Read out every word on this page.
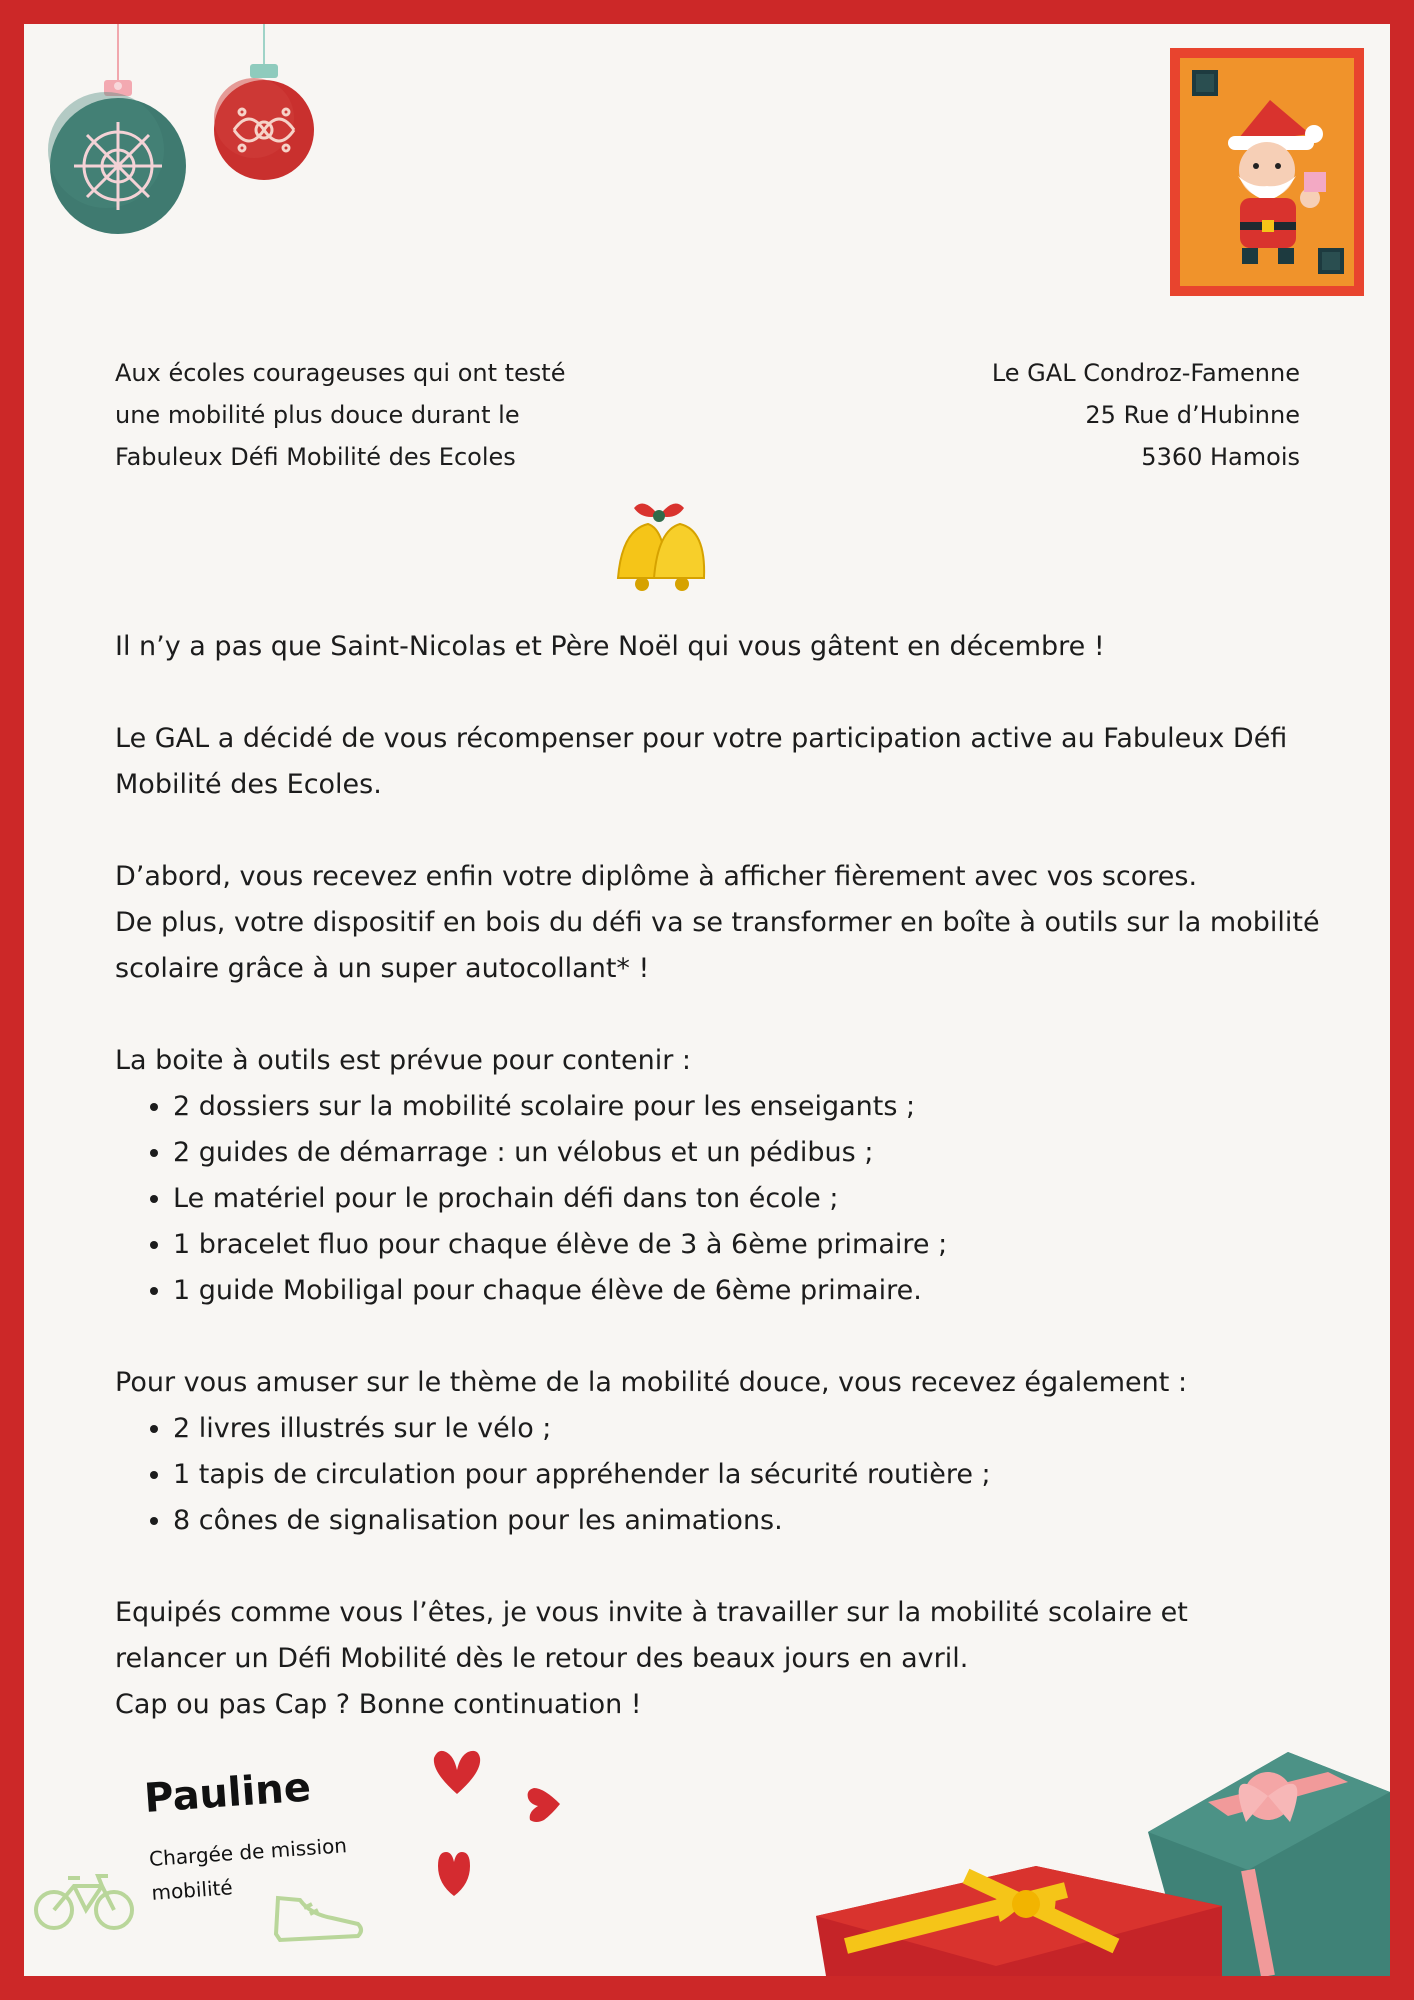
Aux écoles courageuses qui ont testé
une mobilité plus douce durant le
Fabuleux Défi Mobilité des Ecoles
Le GAL Condroz-Famenne
25 Rue d’Hubinne
5360 Hamois

Il n’y a pas que Saint-Nicolas et Père Noël qui vous gâtent en décembre !

Le GAL a décidé de vous récompenser pour votre participation active au Fabuleux Défi Mobilité des Ecoles.

D’abord, vous recevez enfin votre diplôme à afficher fièrement avec vos scores.

De plus, votre dispositif en bois du défi va se transformer en boîte à outils sur la mobilité scolaire grâce à un super autocollant* !

La boite à outils est prévue pour contenir :

• 2 dossiers sur la mobilité scolaire pour les enseigants ;
• 2 guides de démarrage : un vélobus et un pédibus ;
• Le matériel pour le prochain défi dans ton école ;
• 1 bracelet fluo pour chaque élève de 3 à 6ème primaire ;
• 1 guide Mobiligal pour chaque élève de 6ème primaire.

Pour vous amuser sur le thème de la mobilité douce, vous recevez également :

• 2 livres illustrés sur le vélo ;
• 1 tapis de circulation pour appréhender la sécurité routière ;
• 8 cônes de signalisation pour les animations.

Equipés comme vous l’êtes, je vous invite à travailler sur la mobilité scolaire et relancer un Défi Mobilité dès le retour des beaux jours en avril.

Cap ou pas Cap ? Bonne continuation !

Pauline
Chargée de mission
mobilité
